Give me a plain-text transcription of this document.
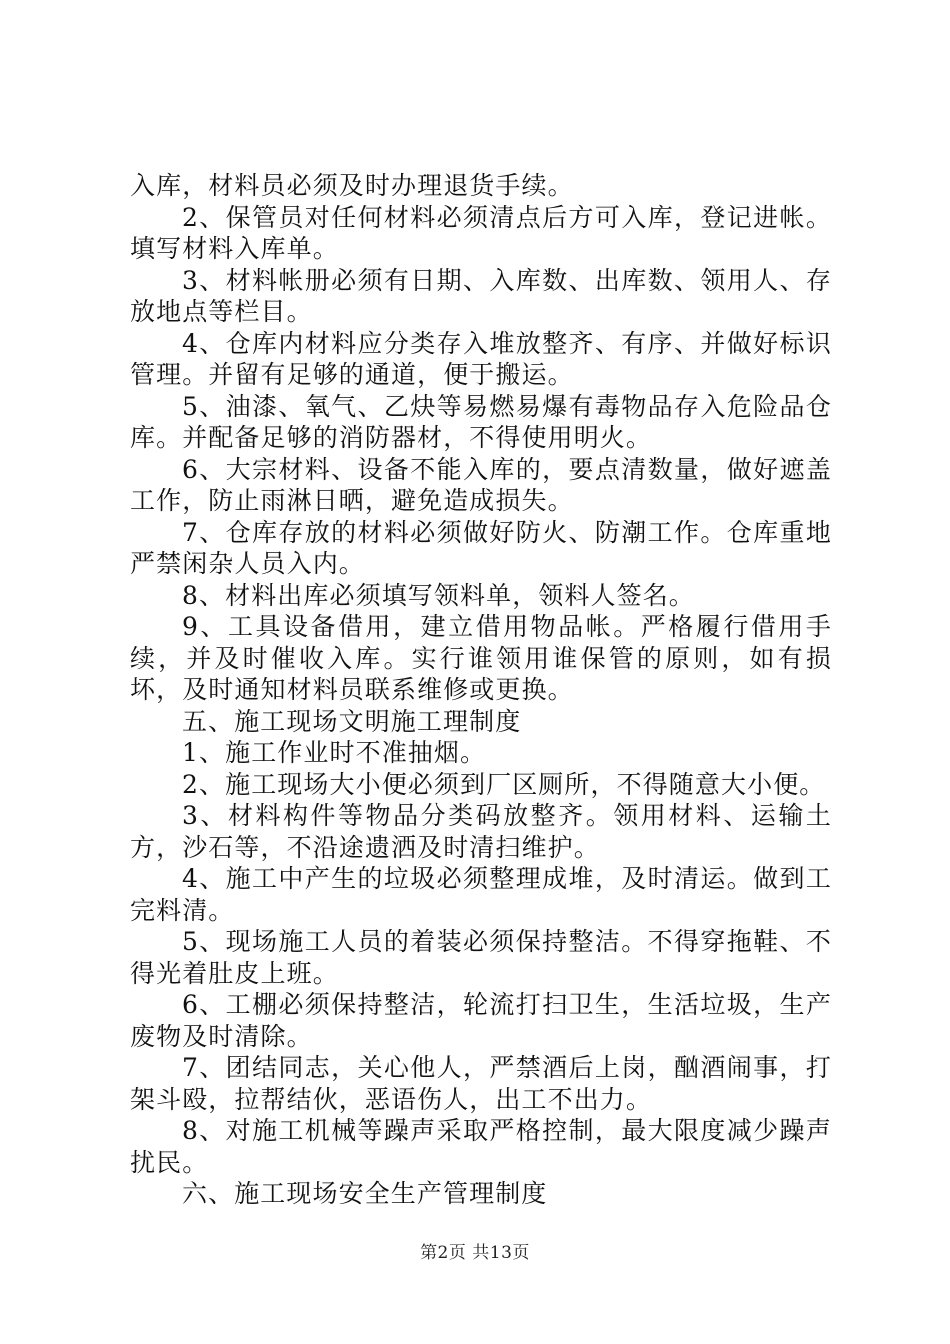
入库，材料员必须及时办理退货手续。

2、保管员对任何材料必须清点后方可入库，登记进帐。填写材料入库单。

3、材料帐册必须有日期、入库数、出库数、领用人、存放地点等栏目。

4、仓库内材料应分类存入堆放整齐、有序、并做好标识管理。并留有足够的通道，便于搬运。

5、油漆、氧气、乙炔等易燃易爆有毒物品存入危险品仓库。并配备足够的消防器材，不得使用明火。

6、大宗材料、设备不能入库的，要点清数量，做好遮盖工作，防止雨淋日晒，避免造成损失。

7、仓库存放的材料必须做好防火、防潮工作。仓库重地严禁闲杂人员入内。

8、材料出库必须填写领料单，领料人签名。

9、工具设备借用，建立借用物品帐。严格履行借用手续，并及时催收入库。实行谁领用谁保管的原则，如有损坏，及时通知材料员联系维修或更换。

五、施工现场文明施工理制度

1、施工作业时不准抽烟。

2、施工现场大小便必须到厂区厕所，不得随意大小便。

3、材料构件等物品分类码放整齐。领用材料、运输土方，沙石等，不沿途遗洒及时清扫维护。

4、施工中产生的垃圾必须整理成堆，及时清运。做到工完料清。

5、现场施工人员的着装必须保持整洁。不得穿拖鞋、不得光着肚皮上班。

6、工棚必须保持整洁，轮流打扫卫生，生活垃圾，生产废物及时清除。

7、团结同志，关心他人，严禁酒后上岗，酗酒闹事，打架斗殴，拉帮结伙，恶语伤人，出工不出力。

8、对施工机械等躁声采取严格控制，最大限度减少躁声扰民。

六、施工现场安全生产管理制度

第2页 共13页
